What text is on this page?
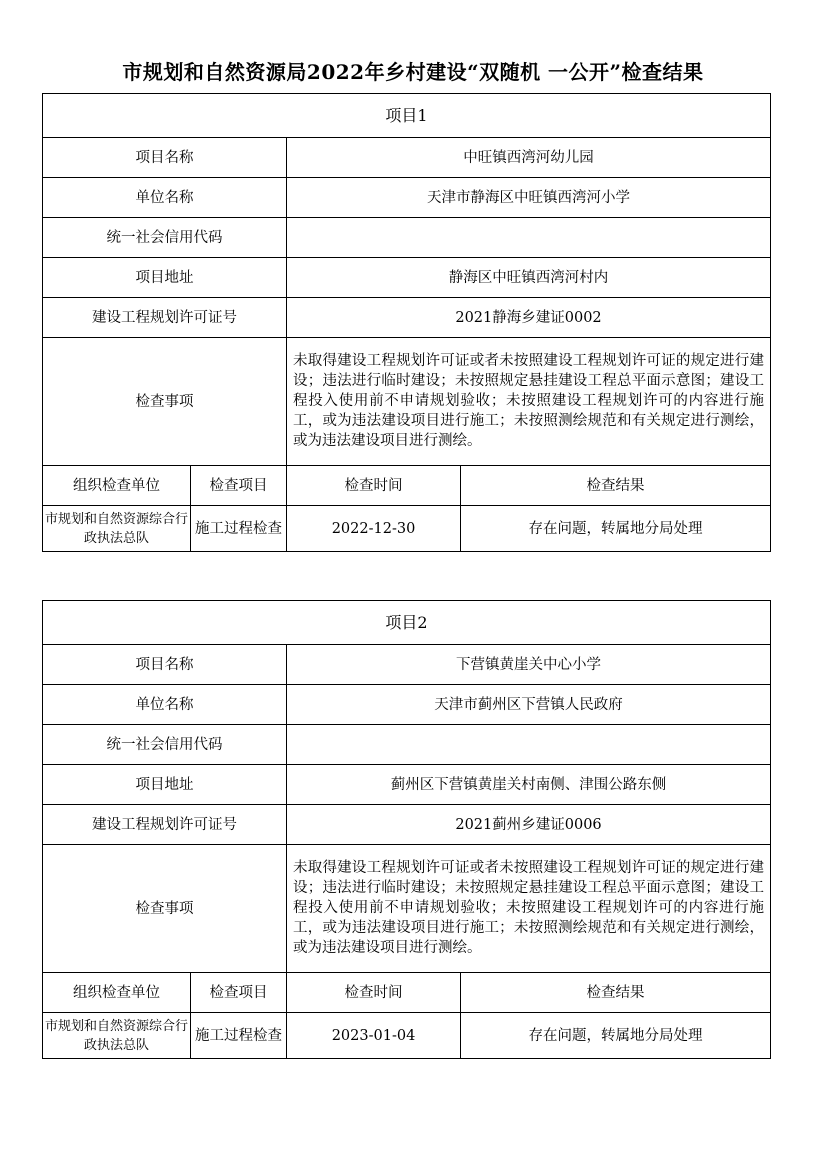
市规划和自然资源局2022年乡村建设“双随机 一公开”检查结果
项目1			
项目名称		中旺镇西湾河幼儿园	
单位名称		天津市静海区中旺镇西湾河小学	
统一社会信用代码			
项目地址		静海区中旺镇西湾河村内	
建设工程规划许可证号		2021静海乡建证0002	
检查事项		未取得建设工程规划许可证或者未按照建设工程规划许可证的规定进行建设；违法进行临时建设；未按照规定悬挂建设工程总平面示意图；建设工程投入使用前不申请规划验收；未按照建设工程规划许可的内容进行施工，或为违法建设项目进行施工；未按照测绘规范和有关规定进行测绘，或为违法建设项目进行测绘。	
组织检查单位	检查项目	检查时间	检查结果
市规划和自然资源综合行政执法总队	施工过程检查	2022-12-30	存在问题，转属地分局处理
项目2			
项目名称		下营镇黄崖关中心小学	
单位名称		天津市蓟州区下营镇人民政府	
统一社会信用代码			
项目地址		蓟州区下营镇黄崖关村南侧、津围公路东侧	
建设工程规划许可证号		2021蓟州乡建证0006	
检查事项		未取得建设工程规划许可证或者未按照建设工程规划许可证的规定进行建设；违法进行临时建设；未按照规定悬挂建设工程总平面示意图；建设工程投入使用前不申请规划验收；未按照建设工程规划许可的内容进行施工，或为违法建设项目进行施工；未按照测绘规范和有关规定进行测绘，或为违法建设项目进行测绘。	
组织检查单位	检查项目	检查时间	检查结果
市规划和自然资源综合行政执法总队	施工过程检查	2023-01-04	存在问题，转属地分局处理
